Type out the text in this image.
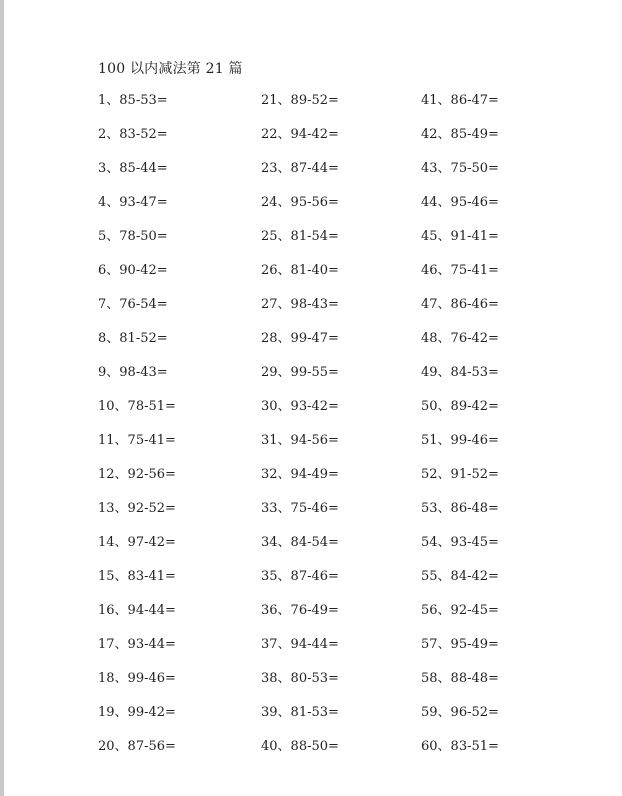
100 以内减法第 21 篇
1、85-53=
2、83-52=
3、85-44=
4、93-47=
5、78-50=
6、90-42=
7、76-54=
8、81-52=
9、98-43=
10、78-51=
11、75-41=
12、92-56=
13、92-52=
14、97-42=
15、83-41=
16、94-44=
17、93-44=
18、99-46=
19、99-42=
20、87-56=
21、89-52=
22、94-42=
23、87-44=
24、95-56=
25、81-54=
26、81-40=
27、98-43=
28、99-47=
29、99-55=
30、93-42=
31、94-56=
32、94-49=
33、75-46=
34、84-54=
35、87-46=
36、76-49=
37、94-44=
38、80-53=
39、81-53=
40、88-50=
41、86-47=
42、85-49=
43、75-50=
44、95-46=
45、91-41=
46、75-41=
47、86-46=
48、76-42=
49、84-53=
50、89-42=
51、99-46=
52、91-52=
53、86-48=
54、93-45=
55、84-42=
56、92-45=
57、95-49=
58、88-48=
59、96-52=
60、83-51=
